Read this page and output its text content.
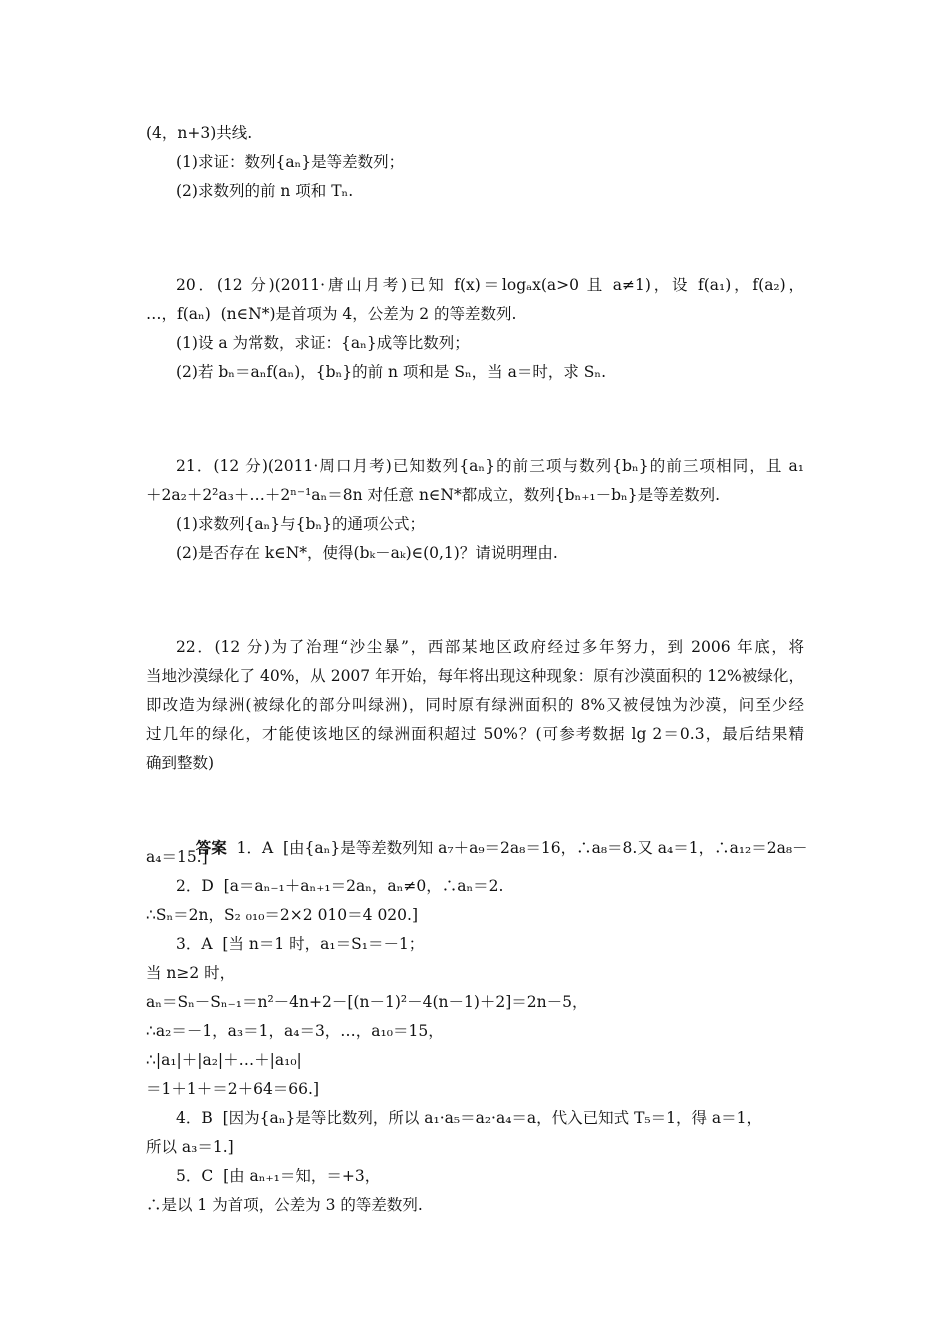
(4，n+3)共线.
(1)求证：数列{aₙ}是等差数列；
(2)求数列的前 n 项和 Tₙ.
20．(12 分)(2011·唐山月考)已知 f(x)＝logₐx(a>0 且 a≠1)，设 f(a₁)，f(a₂)，
…，f(aₙ)  (n∈N*)是首项为 4，公差为 2 的等差数列.
(1)设 a 为常数，求证：{aₙ}成等比数列；
(2)若 bₙ＝aₙf(aₙ)，{bₙ}的前 n 项和是 Sₙ，当 a＝时，求 Sₙ.
21．(12 分)(2011·周口月考)已知数列{aₙ}的前三项与数列{bₙ}的前三项相同，且 a₁
＋2a₂＋2²a₃＋…＋2ⁿ⁻¹aₙ＝8n 对任意 n∈N*都成立，数列{bₙ₊₁－bₙ}是等差数列.
(1)求数列{aₙ}与{bₙ}的通项公式；
(2)是否存在 k∈N*，使得(bₖ－aₖ)∈(0,1)？请说明理由.
22．(12 分)为了治理“沙尘暴”，西部某地区政府经过多年努力，到 2006 年底，将
当地沙漠绿化了 40%，从 2007 年开始，每年将出现这种现象：原有沙漠面积的 12%被绿化，
即改造为绿洲(被绿化的部分叫绿洲)，同时原有绿洲面积的 8%又被侵蚀为沙漠，问至少经
过几年的绿化，才能使该地区的绿洲面积超过 50%？(可参考数据 lg 2＝0.3，最后结果精
确到整数)

答案  1．A  [由{aₙ}是等差数列知 a₇＋a₉＝2a₈＝16，∴a₈＝8.又 a₄＝1，∴a₁₂＝2a₈－

a₄＝15.]
2．D  [a＝aₙ₋₁＋aₙ₊₁＝2aₙ，aₙ≠0，∴aₙ＝2.
∴Sₙ＝2n，S₂ ₀₁₀＝2×2 010＝4 020.]
3．A  [当 n＝1 时，a₁＝S₁＝－1；
当 n≥2 时，
aₙ＝Sₙ－Sₙ₋₁＝n²－4n+2－[(n－1)²－4(n－1)＋2]＝2n－5，
∴a₂＝－1，a₃＝1，a₄＝3，…，a₁₀＝15，
∴|a₁|＋|a₂|＋…＋|a₁₀|
＝1＋1＋＝2＋64＝66.]
4．B  [因为{aₙ}是等比数列，所以 a₁·a₅＝a₂·a₄＝a，代入已知式 T₅＝1，得 a＝1，
所以 a₃＝1.]
5．C  [由 aₙ₊₁＝知，＝+3，
∴是以 1 为首项，公差为 3 的等差数列.
